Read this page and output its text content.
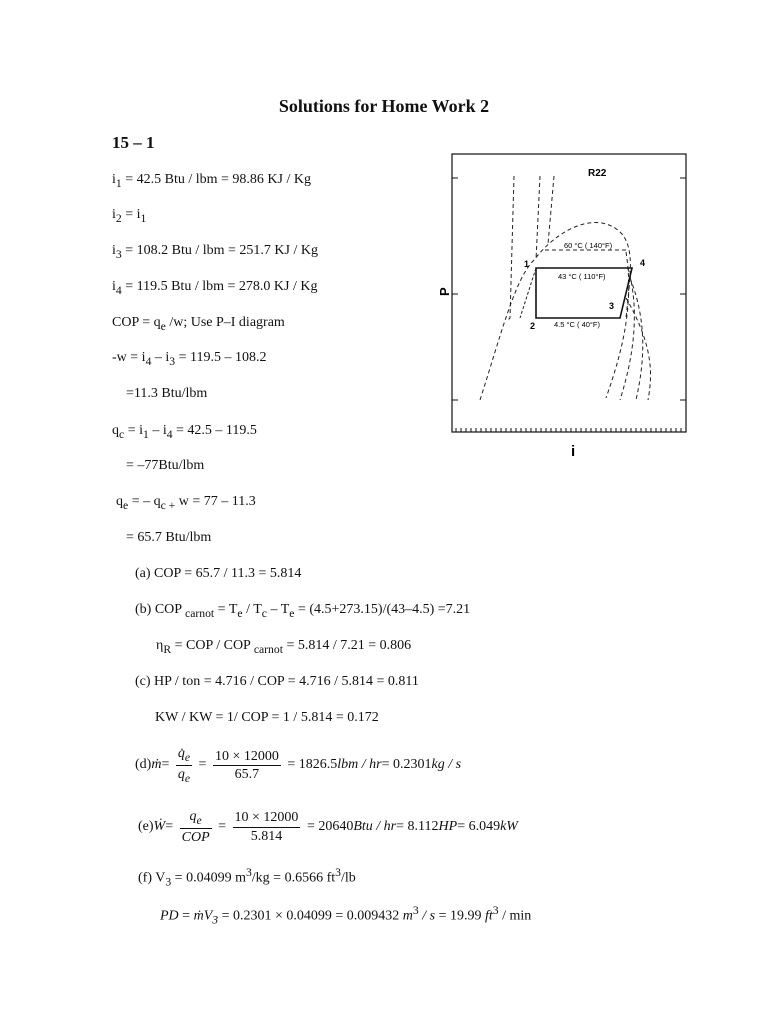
Solutions for Home Work 2
15 – 1
$i_1 = 42.5$ Btu / lbm = 98.86 KJ / Kg
$i_2 = i_1$
$i_3 = 108.2$ Btu / lbm = 251.7 KJ / Kg
$i_4 = 119.5$ Btu / lbm = 278.0 KJ / Kg
COP = $q_e$ /w; Use P–I diagram
$-w = i_4 - i_3 = 119.5 - 108.2$
=11.3 Btu/lbm
$q_c = i_1 - i_4 = 42.5 - 119.5$
= –77Btu/lbm
$q_e$ = – $q_{c +}$ w = 77 – 11.3
= 65.7 Btu/lbm
(a) COP = 65.7 / 11.3 = 5.814
(b) COP $_{carnot} = T_e / T_c - T_e = (4.5+273.15)/(43-4.5) =7.21$
$\eta_R$ = COP / COP $_{carnot}$ = 5.814 / 7.21 = 0.806
(c) HP / ton = 4.716 / COP = 4.716 / 5.814 = 0.811
KW / KW = 1/ COP = 1 / 5.814 = 0.172
(d)ṁ= $\frac{q̇_e}{q_e} = \frac{10 \times 12000}{65.7} = 1826.5lbm / hr= 0.2301kg / s$
(e)Ẇ= $\frac{q_e}{\text{COP}} = \frac{10 \times 12000}{5.814} = 20640Btu / hr= 8.112HP= 6.049kW$
(f) $V_3 = 0.04099$ $m^3/kg = 0.6566$ $ft^3/lb$
PD = ṁV$_3$ = 0.2301 × 0.04099 = 0.009432 $m^3 / s = 19.99$ $ft^3$ / min
R22
P
i
60 °C ( 140°F)
43 °C ( 110°F)
4.5 °C ( 40°F)
1
2
3
4
